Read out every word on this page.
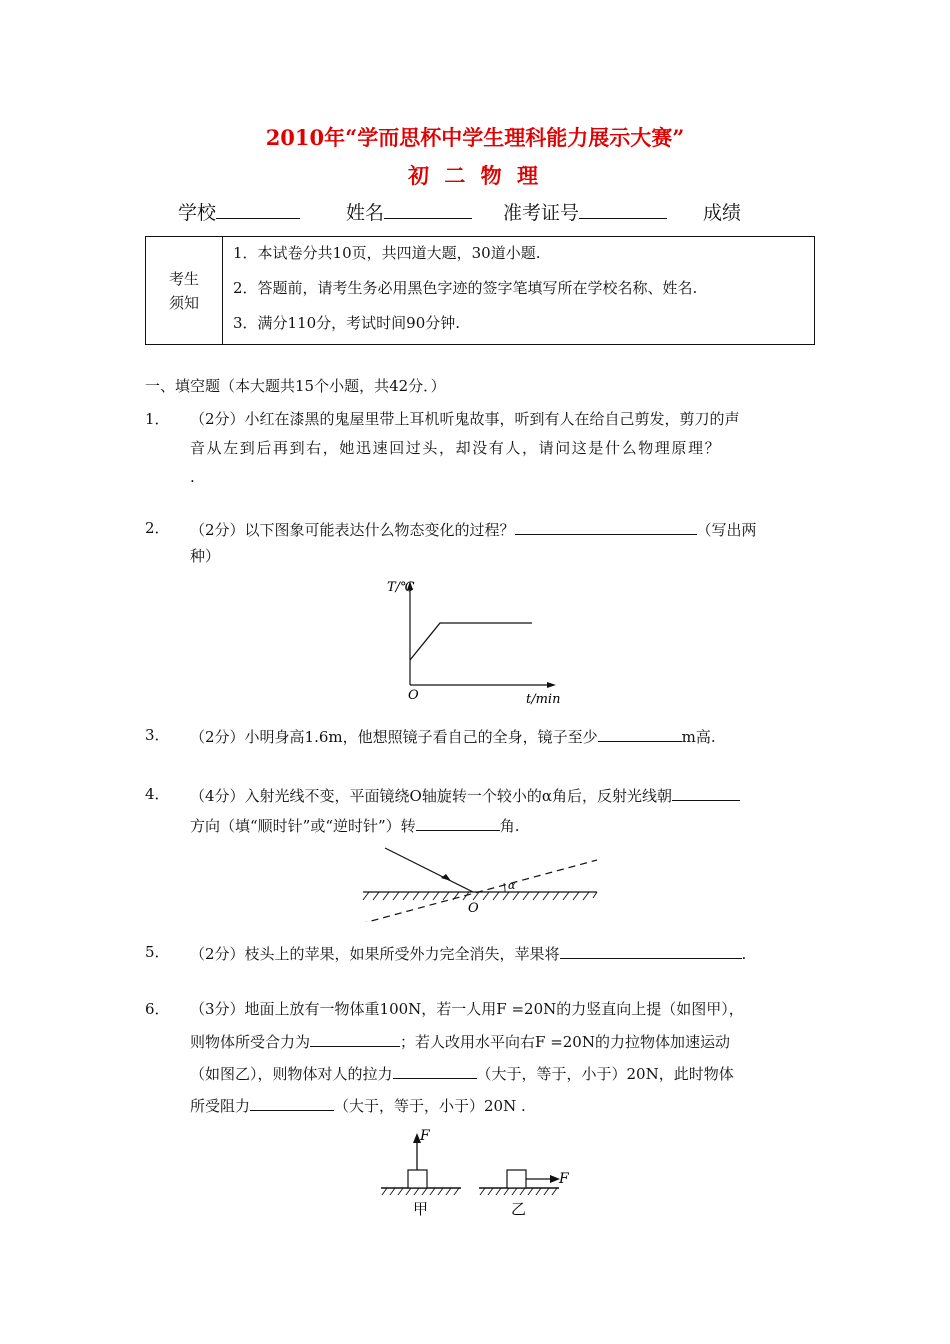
2010年“学而思杯中学生理科能力展示大赛”
初 二 物 理
学校	姓名	准考证号	成绩
考生
须知
1．本试卷分共10页，共四道大题，30道小题.
2．答题前，请考生务必用黑色字迹的签字笔填写所在学校名称、姓名.
3．满分110分，考试时间90分钟.
一、填空题（本大题共15个小题，共42分．）
1． （2分）小红在漆黑的鬼屋里带上耳机听鬼故事，听到有人在给自己剪发，剪刀的声
音从左到后再到右，她迅速回过头，却没有人，请问这是什么物理原理？
.
2． （2分）以下图象可能表达什么物态变化的过程？	（写出两
种）
T/℃
t/min
O
3． （2分）小明身高1.6m，他想照镜子看自己的全身，镜子至少	m高.
4． （4分）入射光线不变，平面镜绕O轴旋转一个较小的α角后，反射光线朝
方向（填“顺时针”或“逆时针”）转	角.
α
O
5． （2分）枝头上的苹果，如果所受外力完全消失，苹果将	.
6． （3分）地面上放有一物体重100N，若一人用F =20N的力竖直向上提（如图甲），
则物体所受合力为	；若人改用水平向右F =20N的力拉物体加速运动
（如图乙），则物体对人的拉力	（大于，等于，小于）20N，此时物体
所受阻力	（大于，等于，小于）20N .
F
甲
F
乙
